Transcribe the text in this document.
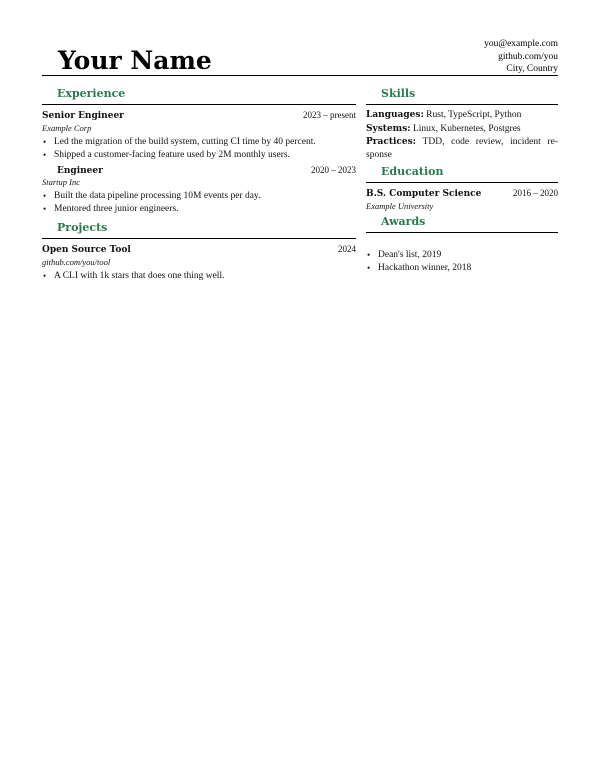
Your Name
you@example.com
github.com/you
City, Country
Experience
Senior Engineer	2023 – present
Example Corp
• Led the migration of the build system, cutting CI time by 40 percent.
• Shipped a customer-facing feature used by 2M monthly users.
Engineer	2020 – 2023
Startup Inc
• Built the data pipeline processing 10M events per day.
• Mentored three junior engineers.
Projects
Open Source Tool	2024
github.com/you/tool
• A CLI with 1k stars that does one thing well.
Skills
Languages: Rust, TypeScript, Python
Systems: Linux, Kubernetes, Postgres
Practices: TDD, code review, incident re- sponse
Education
B.S. Computer Science	2016 – 2020
Example University
Awards
• Dean's list, 2019
• Hackathon winner, 2018
